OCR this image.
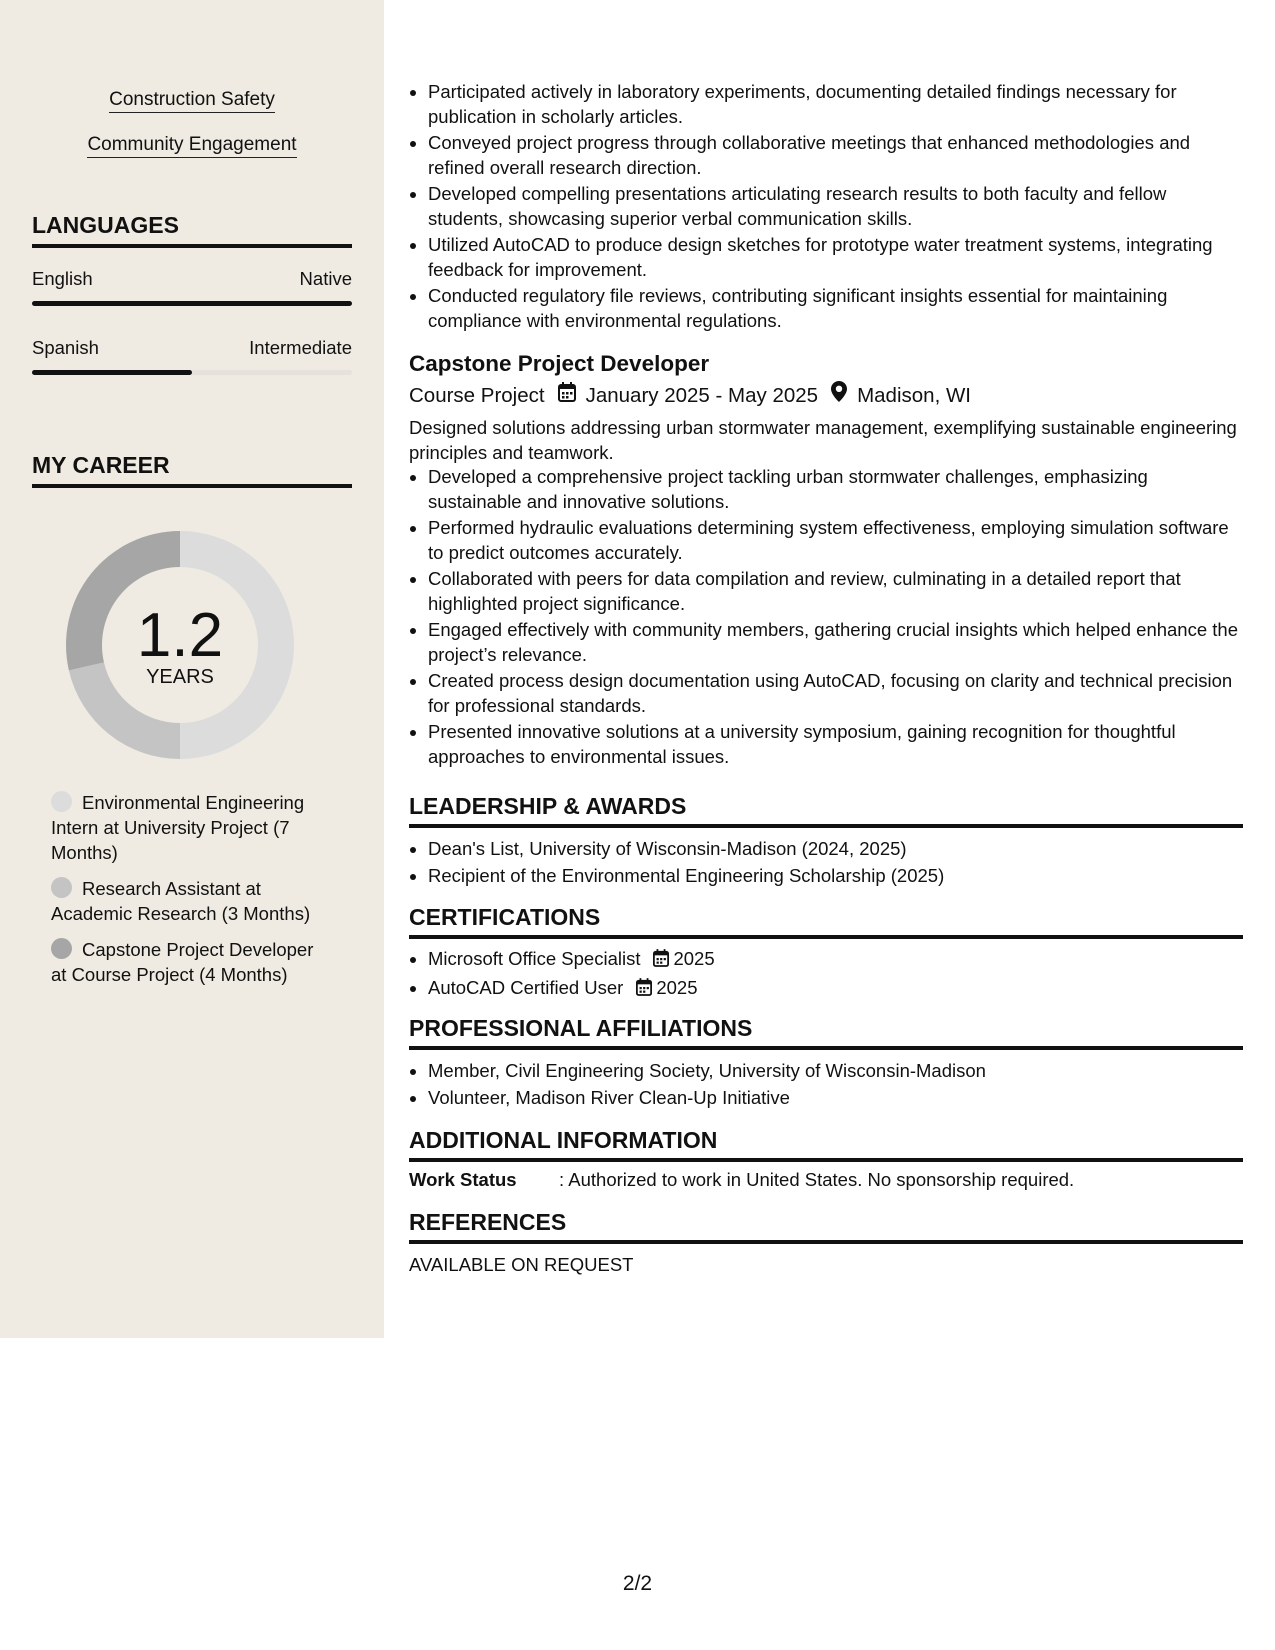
Construction Safety
Community Engagement
LANGUAGES
English	Native
Spanish	Intermediate
MY CAREER
1.2
YEARS
Environmental Engineering Intern at University Project (7 Months)
Research Assistant at Academic Research (3 Months)
Capstone Project Developer at Course Project (4 Months)
• Participated actively in laboratory experiments, documenting detailed findings necessary for publication in scholarly articles.
• Conveyed project progress through collaborative meetings that enhanced methodologies and refined overall research direction.
• Developed compelling presentations articulating research results to both faculty and fellow students, showcasing superior verbal communication skills.
• Utilized AutoCAD to produce design sketches for prototype water treatment systems, integrating feedback for improvement.
• Conducted regulatory file reviews, contributing significant insights essential for maintaining compliance with environmental regulations.
Capstone Project Developer
Course Project January 2025 - May 2025 Madison, WI
Designed solutions addressing urban stormwater management, exemplifying sustainable engineering principles and teamwork.
• Developed a comprehensive project tackling urban stormwater challenges, emphasizing sustainable and innovative solutions.
• Performed hydraulic evaluations determining system effectiveness, employing simulation software to predict outcomes accurately.
• Collaborated with peers for data compilation and review, culminating in a detailed report that highlighted project significance.
• Engaged effectively with community members, gathering crucial insights which helped enhance the project’s relevance.
• Created process design documentation using AutoCAD, focusing on clarity and technical precision for professional standards.
• Presented innovative solutions at a university symposium, gaining recognition for thoughtful approaches to environmental issues.
LEADERSHIP & AWARDS
• Dean's List, University of Wisconsin-Madison (2024, 2025)
• Recipient of the Environmental Engineering Scholarship (2025)
CERTIFICATIONS
• Microsoft Office Specialist 2025
• AutoCAD Certified User 2025
PROFESSIONAL AFFILIATIONS
• Member, Civil Engineering Society, University of Wisconsin-Madison
• Volunteer, Madison River Clean-Up Initiative
ADDITIONAL INFORMATION
Work Status : Authorized to work in United States. No sponsorship required.
REFERENCES
AVAILABLE ON REQUEST
2/2
